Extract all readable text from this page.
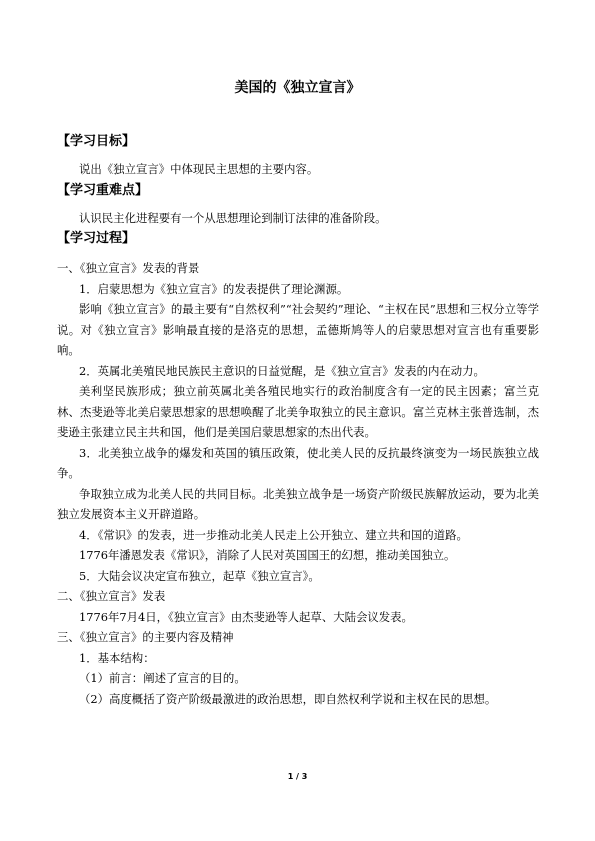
美国的《独立宣言》

【学习目标】

说出《独立宣言》中体现民主思想的主要内容。

【学习重难点】

认识民主化进程要有一个从思想理论到制订法律的准备阶段。

【学习过程】

一、《独立宣言》发表的背景

1．启蒙思想为《独立宣言》的发表提供了理论渊源。

影响《独立宣言》的最主要有“自然权利”“社会契约”理论、“主权在民”思想和三权分立等学说。对《独立宣言》影响最直接的是洛克的思想，孟德斯鸠等人的启蒙思想对宣言也有重要影响。

2．英属北美殖民地民族民主意识的日益觉醒，是《独立宣言》发表的内在动力。

美利坚民族形成；独立前英属北美各殖民地实行的政治制度含有一定的民主因素；富兰克林、杰斐逊等北美启蒙思想家的思想唤醒了北美争取独立的民主意识。富兰克林主张普选制，杰斐逊主张建立民主共和国，他们是美国启蒙思想家的杰出代表。

3．北美独立战争的爆发和英国的镇压政策，使北美人民的反抗最终演变为一场民族独立战争。

争取独立成为北美人民的共同目标。北美独立战争是一场资产阶级民族解放运动，要为北美独立发展资本主义开辟道路。

4．《常识》的发表，进一步推动北美人民走上公开独立、建立共和国的道路。

1776年潘恩发表《常识》，消除了人民对英国国王的幻想，推动美国独立。

5．大陆会议决定宣布独立，起草《独立宣言》。

二、《独立宣言》发表

1776年7月4日，《独立宣言》由杰斐逊等人起草、大陆会议发表。

三、《独立宣言》的主要内容及精神

1．基本结构：

（1）前言：阐述了宣言的目的。

（2）高度概括了资产阶级最激进的政治思想，即自然权利学说和主权在民的思想。

1 / 3
